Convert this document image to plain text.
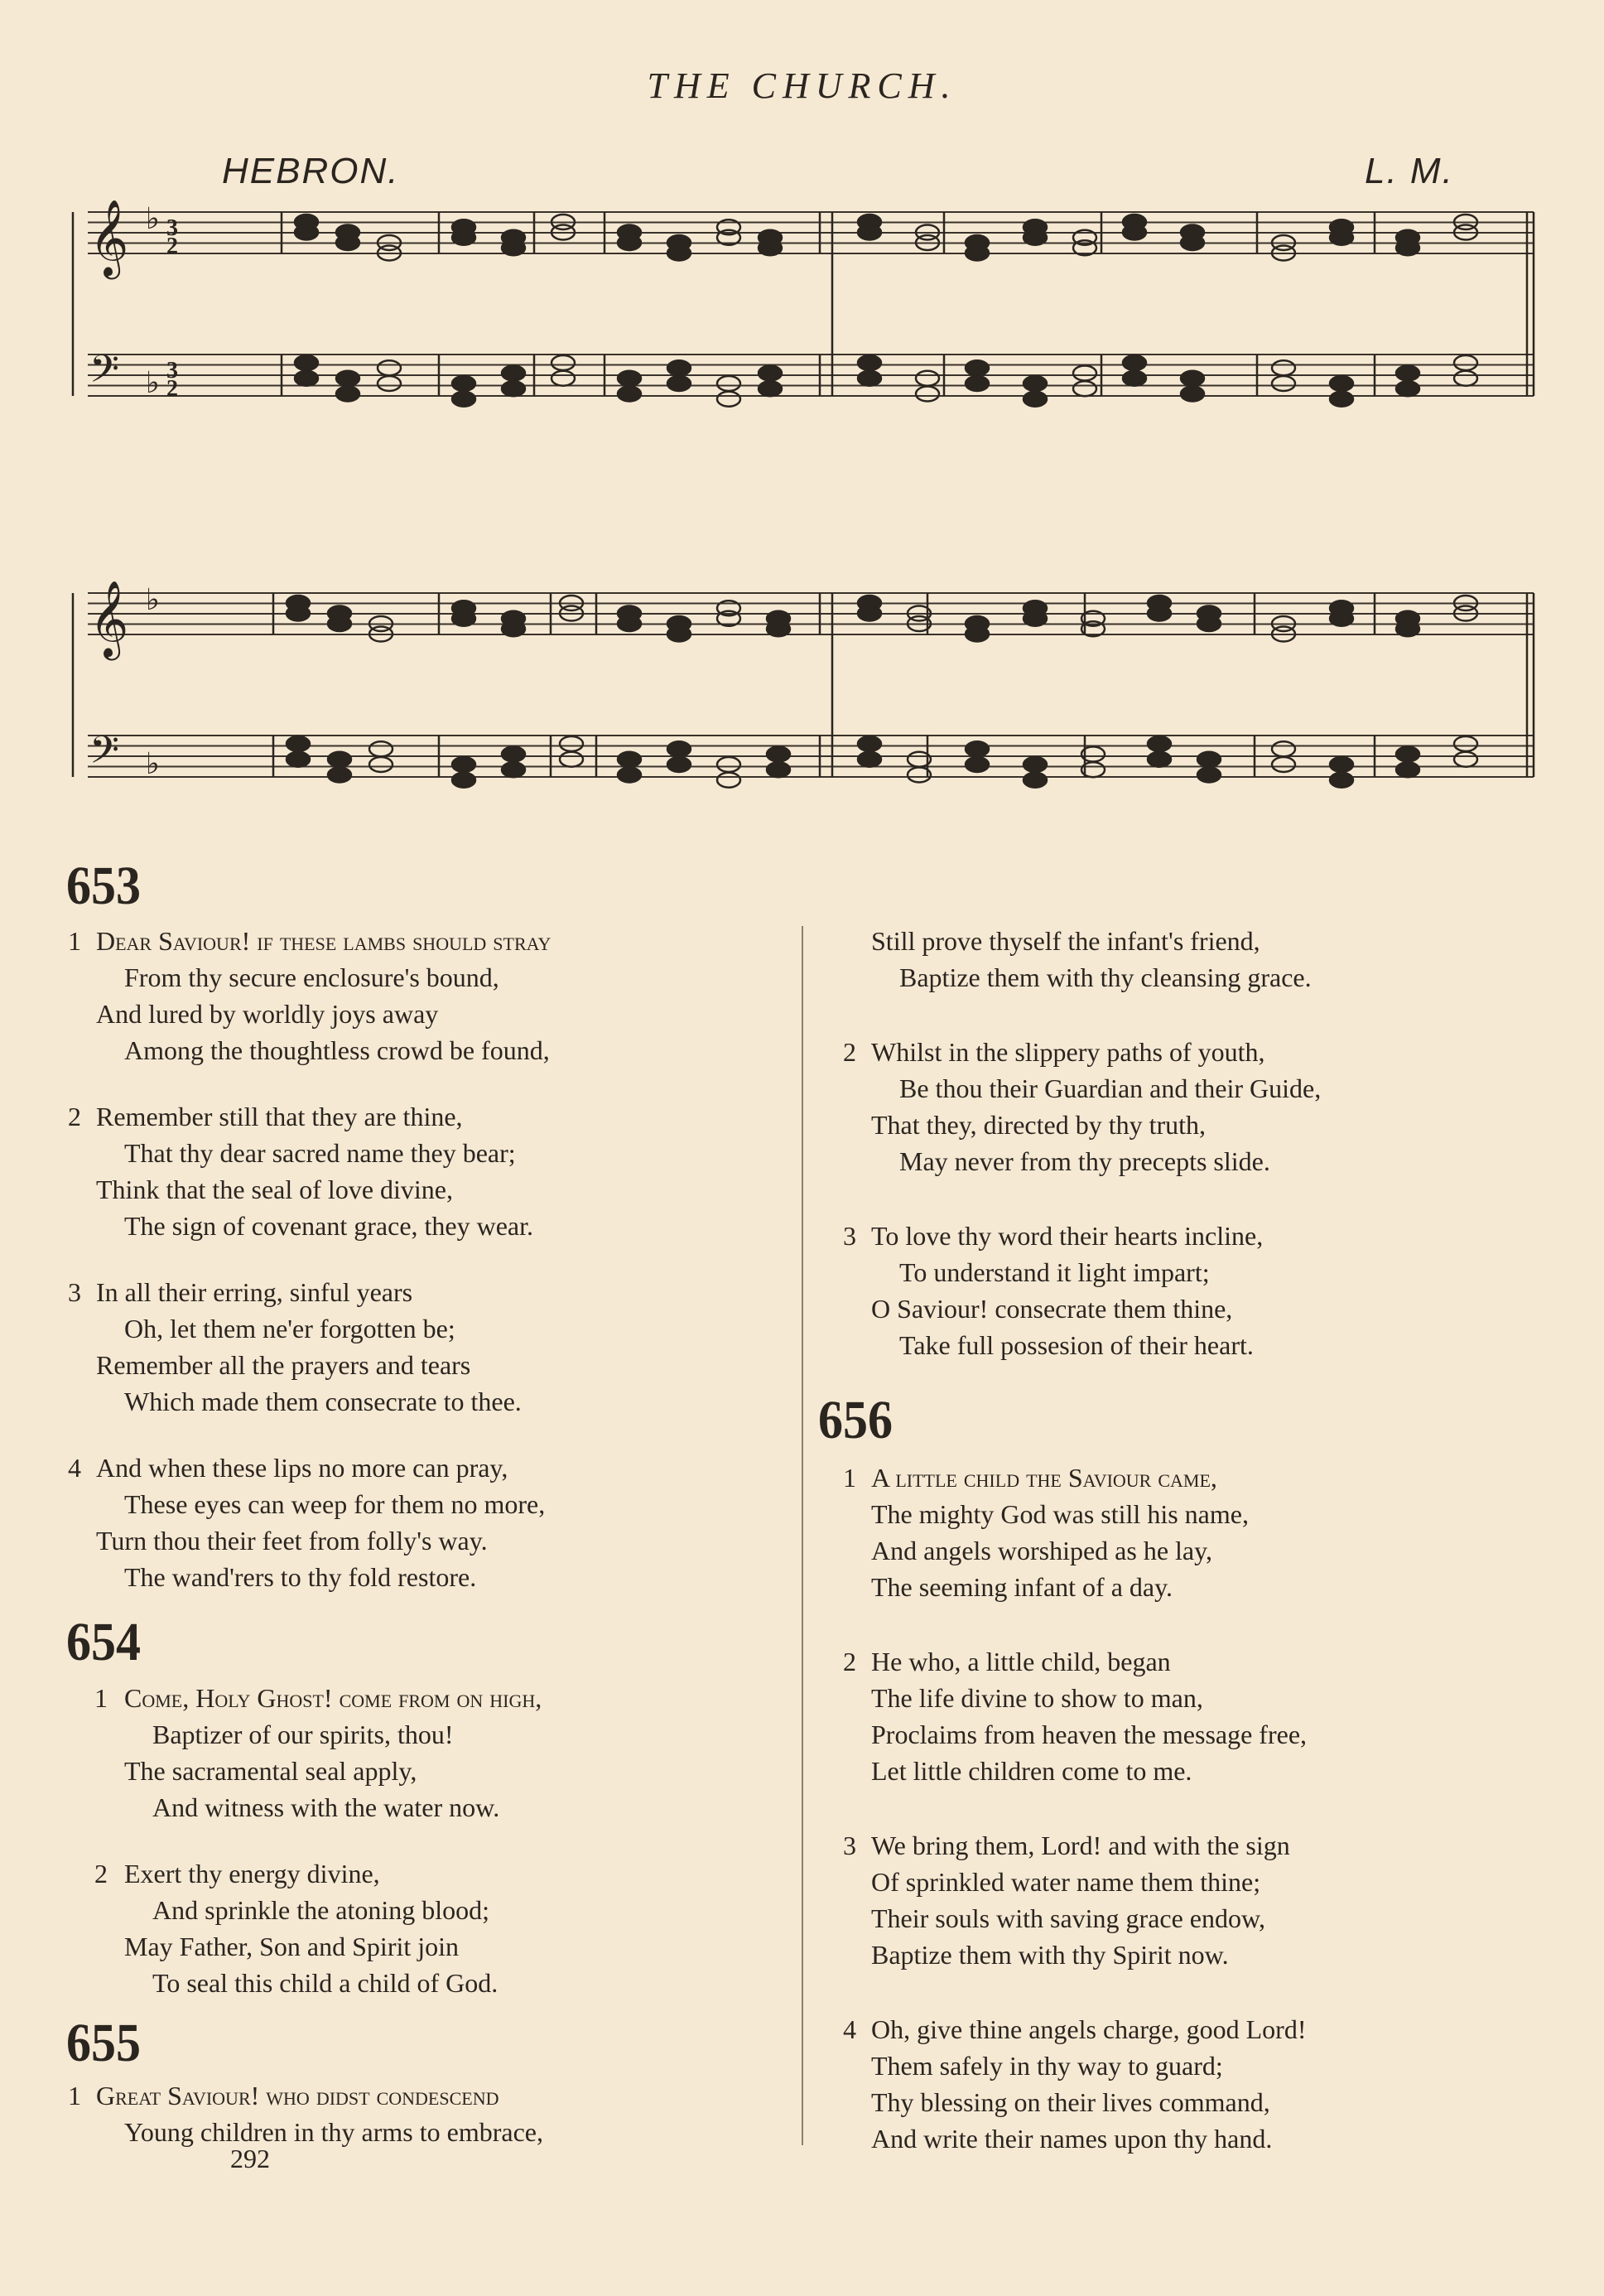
THE CHURCH.
HEBRON.	L. M.
𝄞 ♭ 3
2
𝄢 ♭ 3
2
𝄞 ♭
𝄢 ♭
653
1 Dear Saviour! if these lambs should stray
From thy secure enclosure's bound,
And lured by worldly joys away
Among the thoughtless crowd be found,
2 Remember still that they are thine,
That thy dear sacred name they bear;
Think that the seal of love divine,
The sign of covenant grace, they wear.
3 In all their erring, sinful years
Oh, let them ne'er forgotten be;
Remember all the prayers and tears
Which made them consecrate to thee.
4 And when these lips no more can pray,
These eyes can weep for them no more,
Turn thou their feet from folly's way.
The wand'rers to thy fold restore.
654
1 Come, Holy Ghost! come from on high,
Baptizer of our spirits, thou!
The sacramental seal apply,
And witness with the water now.
2 Exert thy energy divine,
And sprinkle the atoning blood;
May Father, Son and Spirit join
To seal this child a child of God.
655
1 Great Saviour! who didst condescend
Young children in thy arms to embrace,
292
Still prove thyself the infant's friend,
Baptize them with thy cleansing grace.
2 Whilst in the slippery paths of youth,
Be thou their Guardian and their Guide,
That they, directed by thy truth,
May never from thy precepts slide.
3 To love thy word their hearts incline,
To understand it light impart;
O Saviour! consecrate them thine,
Take full possesion of their heart.
656
1 A little child the Saviour came,
The mighty God was still his name,
And angels worshiped as he lay,
The seeming infant of a day.
2 He who, a little child, began
The life divine to show to man,
Proclaims from heaven the message free,
Let little children come to me.
3 We bring them, Lord! and with the sign
Of sprinkled water name them thine;
Their souls with saving grace endow,
Baptize them with thy Spirit now.
4 Oh, give thine angels charge, good Lord!
Them safely in thy way to guard;
Thy blessing on their lives command,
And write their names upon thy hand.
